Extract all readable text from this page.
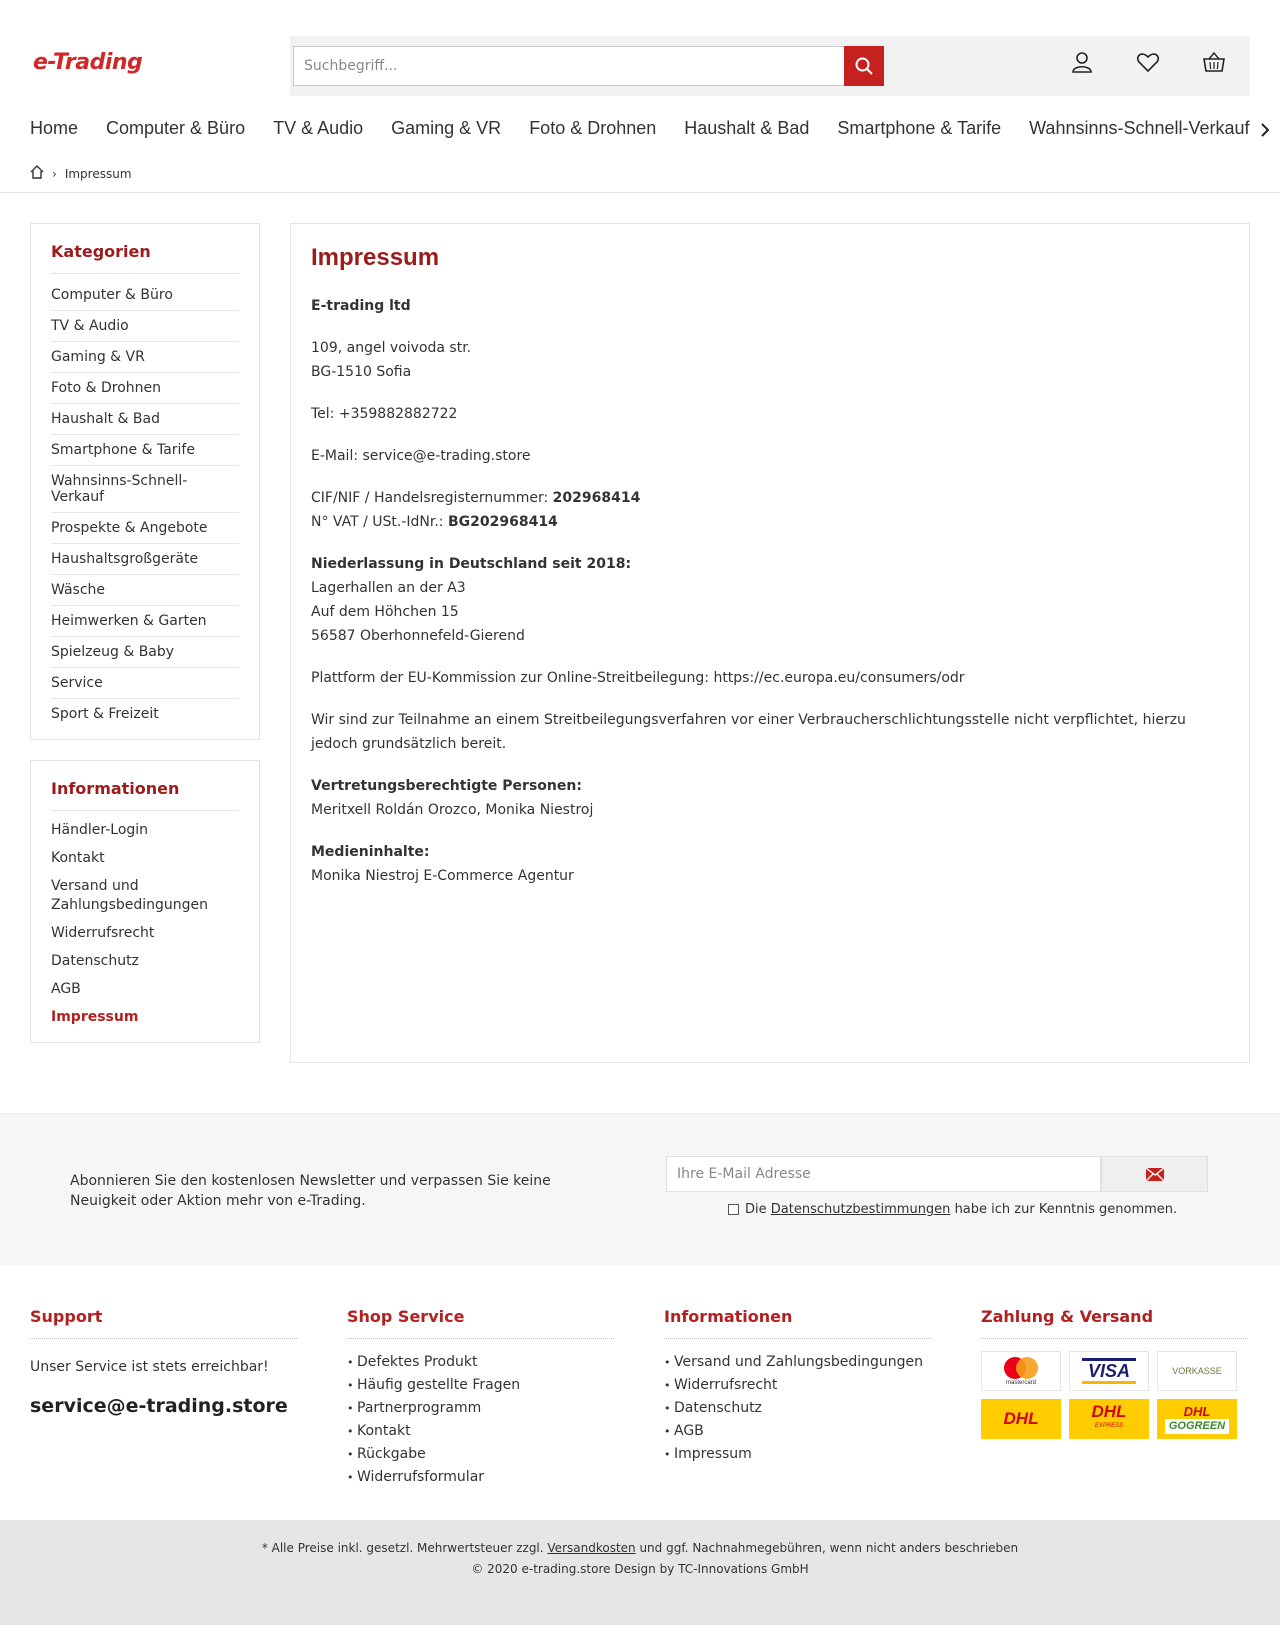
e-Trading
Suchbegriff...
Home Computer & Büro TV & Audio Gaming & VR Foto & Drohnen Haushalt & Bad Smartphone & Tarife Wahnsinns-Schnell-Verkauf
› Impressum
Kategorien
Computer & Büro
TV & Audio
Gaming & VR
Foto & Drohnen
Haushalt & Bad
Smartphone & Tarife
Wahnsinns-Schnell-Verkauf
Prospekte & Angebote
Haushaltsgroßgeräte
Wäsche
Heimwerken & Garten
Spielzeug & Baby
Service
Sport & Freizeit
Informationen
Händler-Login
Kontakt
Versand und Zahlungsbedingungen
Widerrufsrecht
Datenschutz
AGB
Impressum
Impressum

E-trading ltd

109, angel voivoda str.
BG-1510 Sofia

Tel: +359882882722

E-Mail: service@e-trading.store

CIF/NIF / Handelsregisternummer: 202968414
N° VAT / USt.-IdNr.: BG202968414

Niederlassung in Deutschland seit 2018:
Lagerhallen an der A3
Auf dem Höhchen 15
56587 Oberhonnefeld-Gierend

Plattform der EU-Kommission zur Online-Streitbeilegung: https://ec.europa.eu/consumers/odr

Wir sind zur Teilnahme an einem Streitbeilegungsverfahren vor einer Verbraucherschlichtungsstelle nicht verpflichtet, hierzu jedoch grundsätzlich bereit.

Vertretungsberechtigte Personen:
Meritxell Roldán Orozco, Monika Niestroj

Medieninhalte:
Monika Niestroj E-Commerce Agentur

Abonnieren Sie den kostenlosen Newsletter und verpassen Sie keine Neuigkeit oder Aktion mehr von e-Trading.
Ihre E-Mail Adresse
Die Datenschutzbestimmungen habe ich zur Kenntnis genommen.
Support
Unser Service ist stets erreichbar!
service@e-trading.store
Shop Service
• Defektes Produkt
• Häufig gestellte Fragen
• Partnerprogramm
• Kontakt
• Rückgabe
• Widerrufsformular
Informationen
• Versand und Zahlungsbedingungen
• Widerrufsrecht
• Datenschutz
• AGB
• Impressum
Zahlung & Versand
mastercard
VISA	VORKASSE
DHL	DHL
EXPRESS
DHL
GOGREEN
* Alle Preise inkl. gesetzl. Mehrwertsteuer zzgl. Versandkosten und ggf. Nachnahmegebühren, wenn nicht anders beschrieben
© 2020 e-trading.store Design by TC-Innovations GmbH
